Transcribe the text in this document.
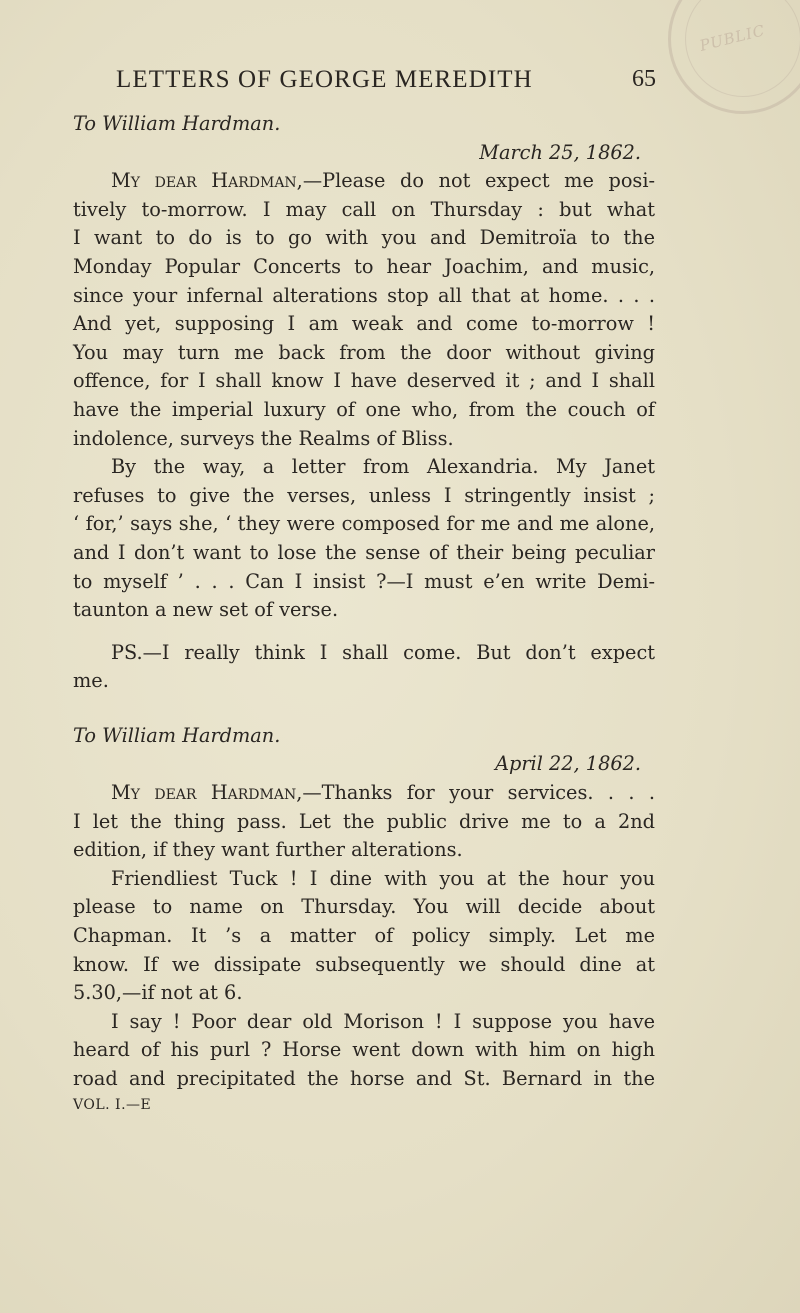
PUBLIC
LETTERS OF GEORGE MEREDITH	65
To William Hardman.
March 25, 1862.
My dear Hardman,—Please do not expect me posi-
tively to-morrow. I may call on Thursday : but what
I want to do is to go with you and Demitroïa to the
Monday Popular Concerts to hear Joachim, and music,
since your infernal alterations stop all that at home. . . .
And yet, supposing I am weak and come to-morrow !
You may turn me back from the door without giving
offence, for I shall know I have deserved it ; and I shall
have the imperial luxury of one who, from the couch of
indolence, surveys the Realms of Bliss.
By the way, a letter from Alexandria. My Janet
refuses to give the verses, unless I stringently insist ;
‘ for,’ says she, ‘ they were composed for me and me alone,
and I don’t want to lose the sense of their being peculiar
to myself ’ . . . Can I insist ?—I must e’en write Demi-
taunton a new set of verse.
PS.—I really think I shall come. But don’t expect
me.
To William Hardman.
April 22, 1862.
My dear Hardman,—Thanks for your services. . . .
I let the thing pass. Let the public drive me to a 2nd
edition, if they want further alterations.
Friendliest Tuck ! I dine with you at the hour you
please to name on Thursday. You will decide about
Chapman. It ’s a matter of policy simply. Let me
know. If we dissipate subsequently we should dine at
5.30,—if not at 6.
I say ! Poor dear old Morison ! I suppose you have
heard of his purl ? Horse went down with him on high
road and precipitated the horse and St. Bernard in the
VOL. I.—E
